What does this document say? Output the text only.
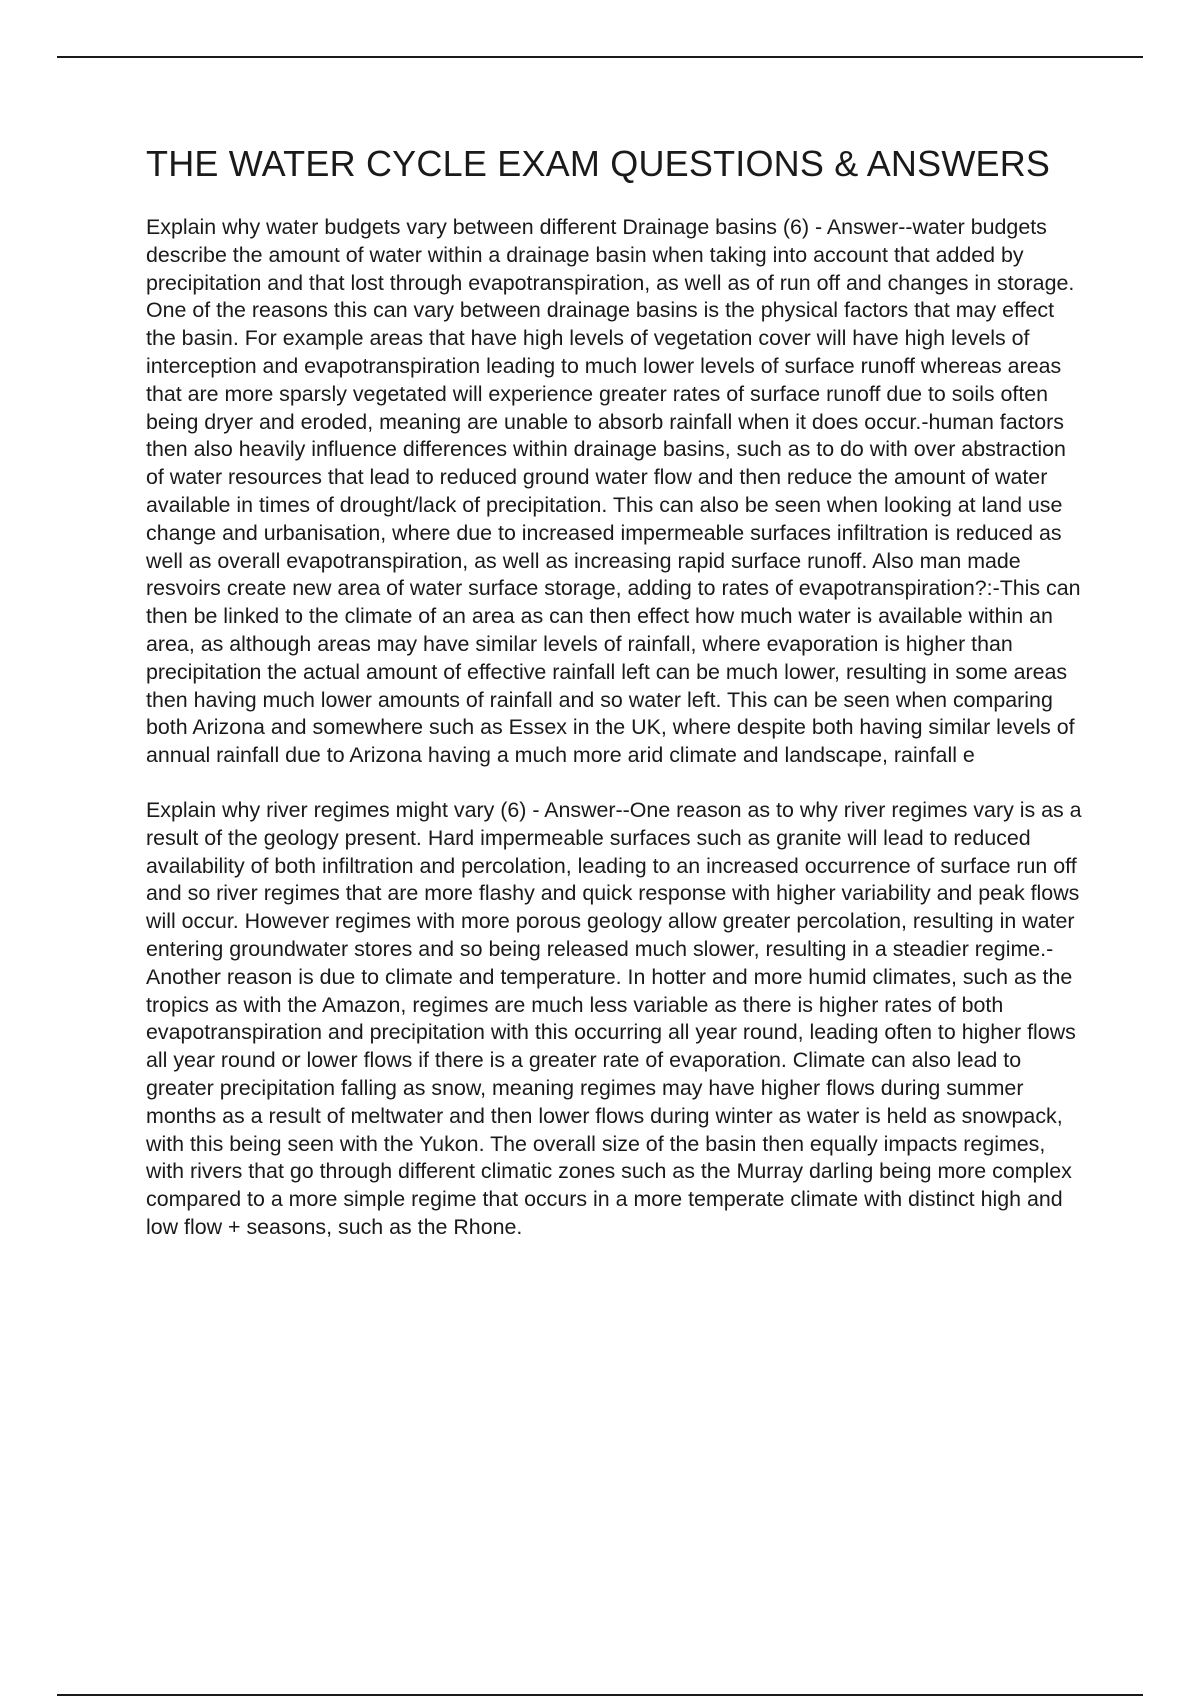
THE WATER CYCLE EXAM QUESTIONS & ANSWERS

Explain why water budgets vary between different Drainage basins (6) - Answer--water budgets describe the amount of water within a drainage basin when taking into account that added by precipitation and that lost through evapotranspiration, as well as of run off and changes in storage. One of the reasons this can vary between drainage basins is the physical factors that may effect the basin. For example areas that have high levels of vegetation cover will have high levels of interception and evapotranspiration leading to much lower levels of surface runoff whereas areas that are more sparsly vegetated will experience greater rates of surface runoff due to soils often being dryer and eroded, meaning are unable to absorb rainfall when it does occur.-human factors then also heavily influence differences within drainage basins, such as to do with over abstraction of water resources that lead to reduced ground water flow and then reduce the amount of water available in times of drought/lack of precipitation. This can also be seen when looking at land use change and urbanisation, where due to increased impermeable surfaces infiltration is reduced as well as overall evapotranspiration, as well as increasing rapid surface runoff. Also man made resvoirs create new area of water surface storage, adding to rates of evapotranspiration?:-This can then be linked to the climate of an area as can then effect how much water is available within an area, as although areas may have similar levels of rainfall, where evaporation is higher than precipitation the actual amount of effective rainfall left can be much lower, resulting in some areas then having much lower amounts of rainfall and so water left. This can be seen when comparing both Arizona and somewhere such as Essex in the UK, where despite both having similar levels of annual rainfall due to Arizona having a much more arid climate and landscape, rainfall e

Explain why river regimes might vary (6) - Answer--One reason as to why river regimes vary is as a result of the geology present. Hard impermeable surfaces such as granite will lead to reduced availability of both infiltration and percolation, leading to an increased occurrence of surface run off and so river regimes that are more flashy and quick response with higher variability and peak flows will occur. However regimes with more porous geology allow greater percolation, resulting in water entering groundwater stores and so being released much slower, resulting in a steadier regime.-Another reason is due to climate and temperature. In hotter and more humid climates, such as the tropics as with the Amazon, regimes are much less variable as there is higher rates of both evapotranspiration and precipitation with this occurring all year round, leading often to higher flows all year round or lower flows if there is a greater rate of evaporation. Climate can also lead to greater precipitation falling as snow, meaning regimes may have higher flows during summer months as a result of meltwater and then lower flows during winter as water is held as snowpack, with this being seen with the Yukon. The overall size of the basin then equally impacts regimes, with rivers that go through different climatic zones such as the Murray darling being more complex compared to a more simple regime that occurs in a more temperate climate with distinct high and low flow + seasons, such as the Rhone.
